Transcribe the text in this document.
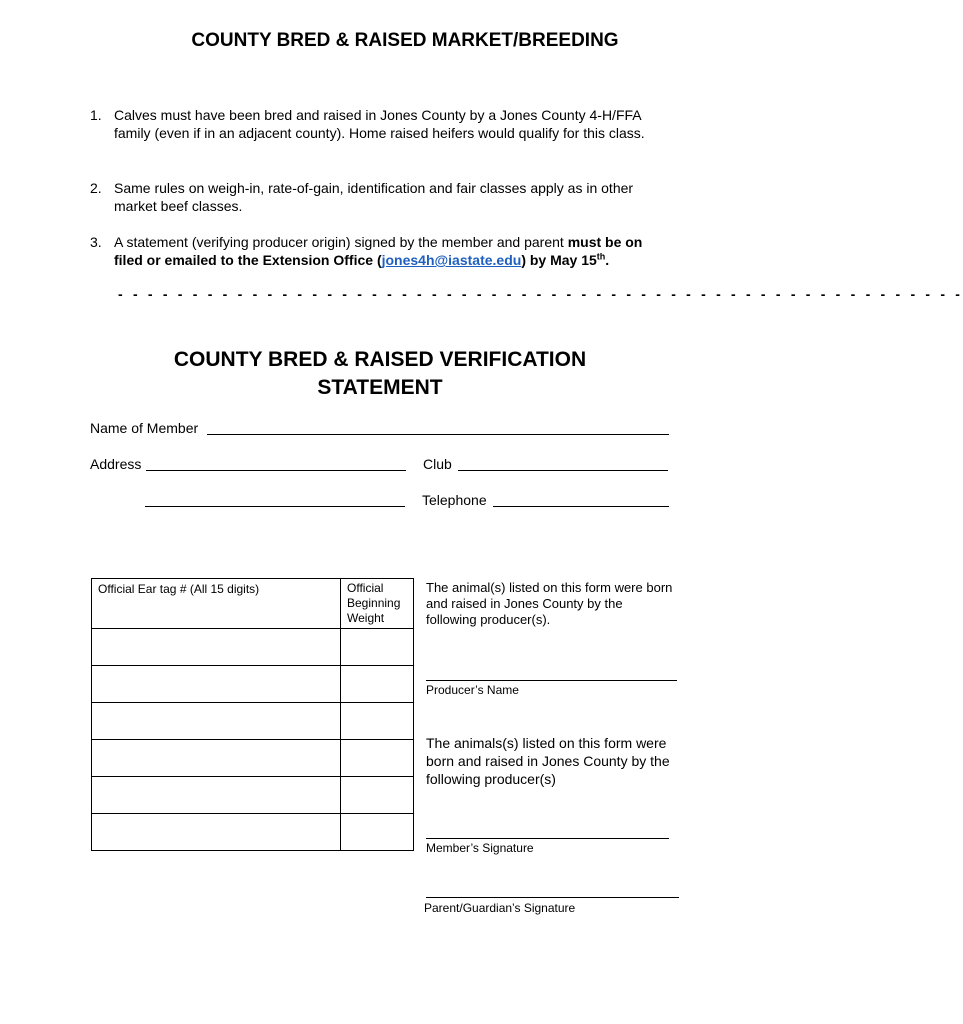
COUNTY BRED & RAISED MARKET/BREEDING
1. Calves must have been bred and raised in Jones County by a Jones County 4-H/FFA family (even if in an adjacent county). Home raised heifers would qualify for this class.
2. Same rules on weigh-in, rate-of-gain, identification and fair classes apply as in other market beef classes.
3. A statement (verifying producer origin) signed by the member and parent must be on filed or emailed to the Extension Office (jones4h@iastate.edu) by May 15th.
- - - - - - - - - - - - - - - - - - - - - - - - - - - - - - - - - - - - - - - - - - - - - - - - - - - - - - - - -
COUNTY BRED & RAISED VERIFICATION
STATEMENT
Name of Member
Address	Club
Telephone
Official Ear tag # (All 15 digits)	Official Beginning Weight

The animal(s) listed on this form were born and raised in Jones County by the following producer(s).
Producer’s Name
The animals(s) listed on this form were born and raised in Jones County by the following producer(s)
Member’s Signature
Parent/Guardian’s Signature
